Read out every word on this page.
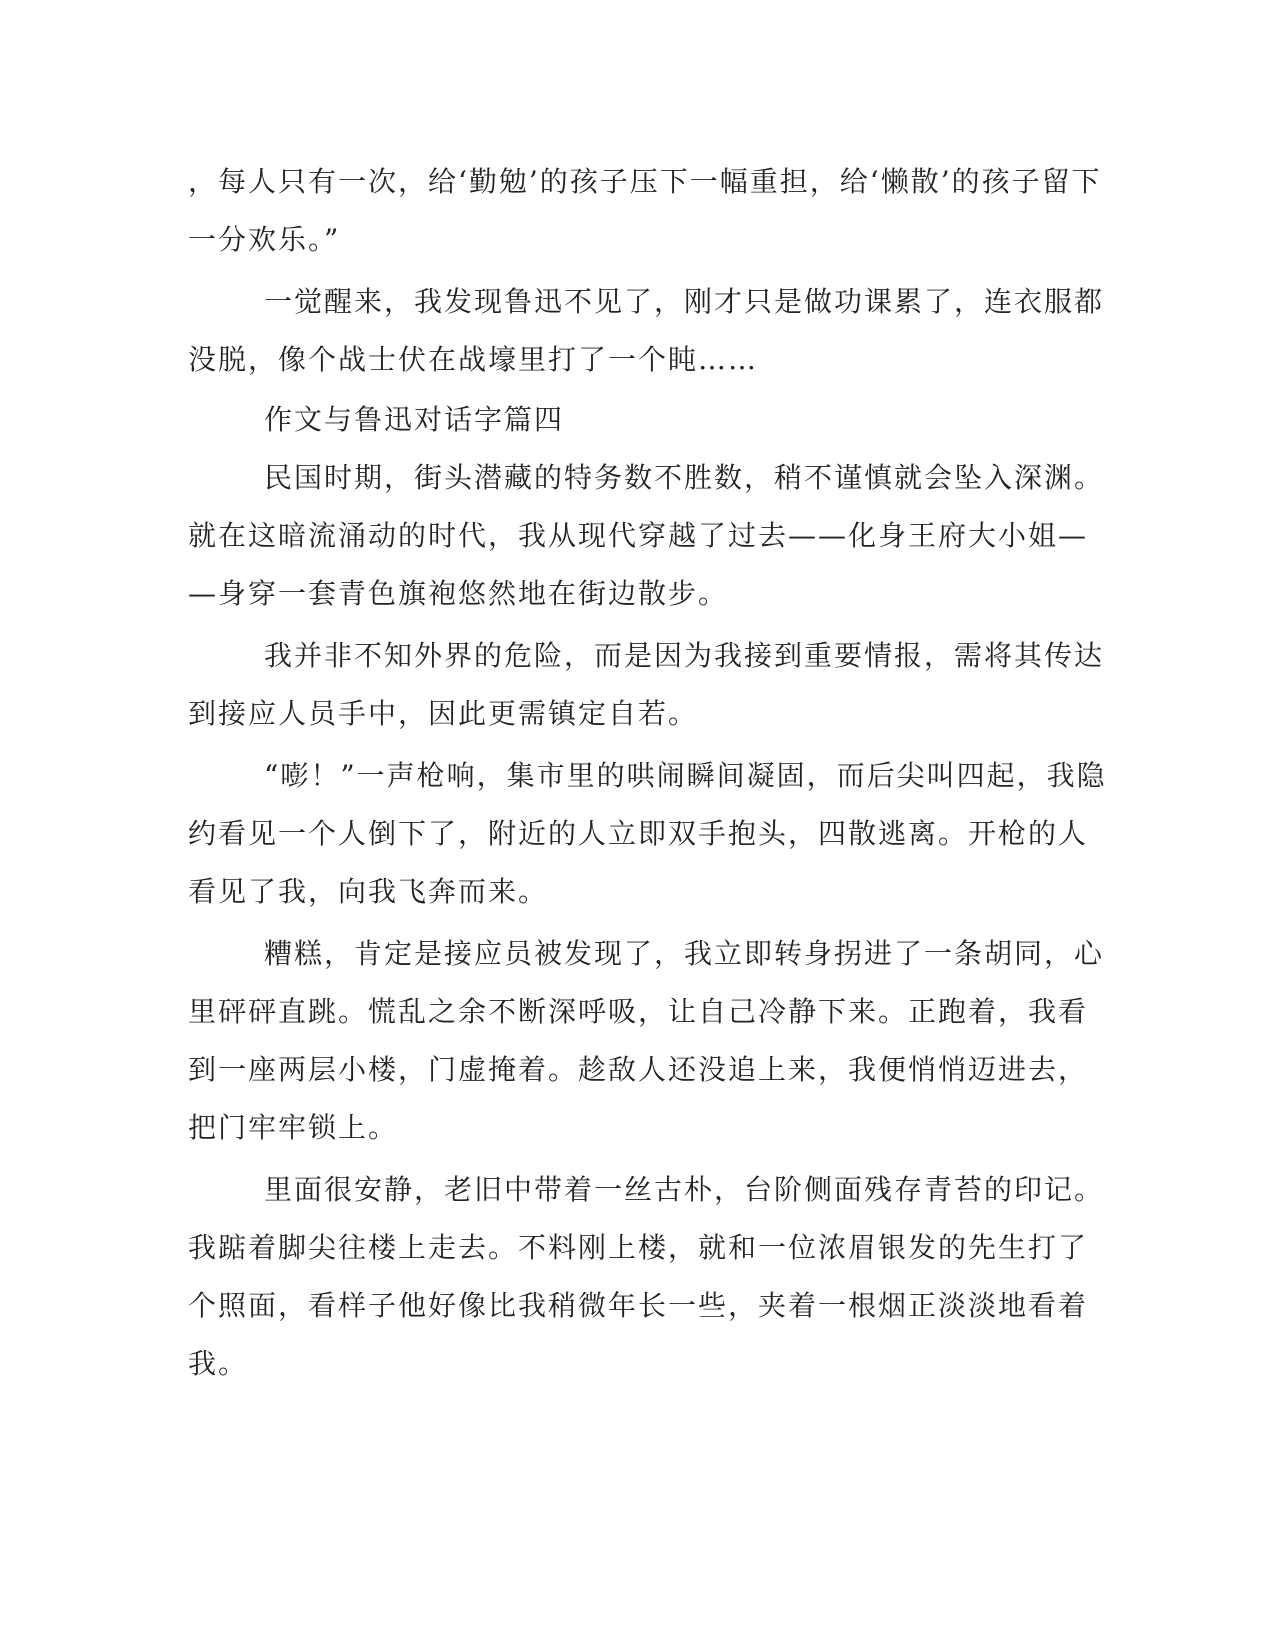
，每人只有一次，给‘勤勉’的孩子压下一幅重担，给‘懒散’的孩子留下
一分欢乐。”
一觉醒来，我发现鲁迅不见了，刚才只是做功课累了，连衣服都
没脱，像个战士伏在战壕里打了一个盹……
作文与鲁迅对话字篇四
民国时期，街头潜藏的特务数不胜数，稍不谨慎就会坠入深渊。
就在这暗流涌动的时代，我从现代穿越了过去——化身王府大小姐—
—身穿一套青色旗袍悠然地在街边散步。
我并非不知外界的危险，而是因为我接到重要情报，需将其传达
到接应人员手中，因此更需镇定自若。
“嘭！”一声枪响，集市里的哄闹瞬间凝固，而后尖叫四起，我隐
约看见一个人倒下了，附近的人立即双手抱头，四散逃离。开枪的人
看见了我，向我飞奔而来。
糟糕，肯定是接应员被发现了，我立即转身拐进了一条胡同，心
里砰砰直跳。慌乱之余不断深呼吸，让自己冷静下来。正跑着，我看
到一座两层小楼，门虚掩着。趁敌人还没追上来，我便悄悄迈进去，
把门牢牢锁上。
里面很安静，老旧中带着一丝古朴，台阶侧面残存青苔的印记。
我踮着脚尖往楼上走去。不料刚上楼，就和一位浓眉银发的先生打了
个照面，看样子他好像比我稍微年长一些，夹着一根烟正淡淡地看着
我。
